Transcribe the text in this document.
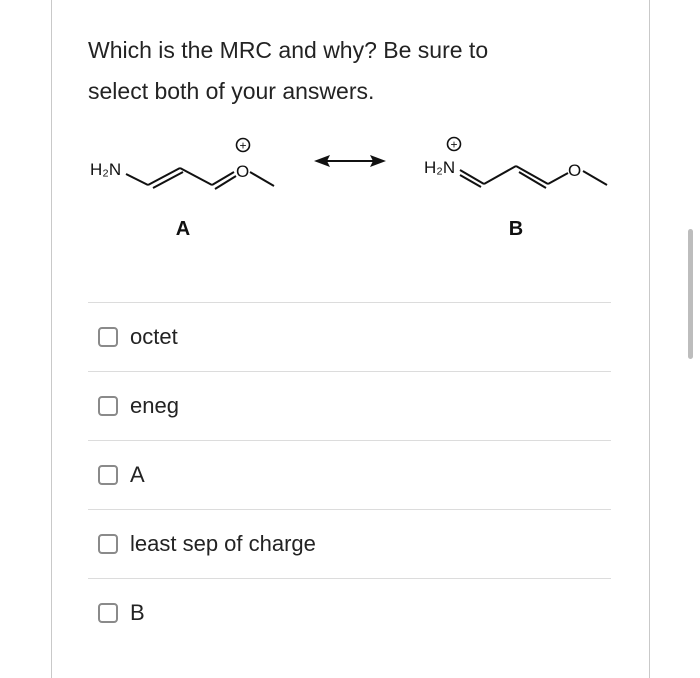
Which is the MRC and why? Be sure to
select both of your answers.
H₂N	O
+
A
H₂N
+
O
B
octet
eneg
A
least sep of charge
B
